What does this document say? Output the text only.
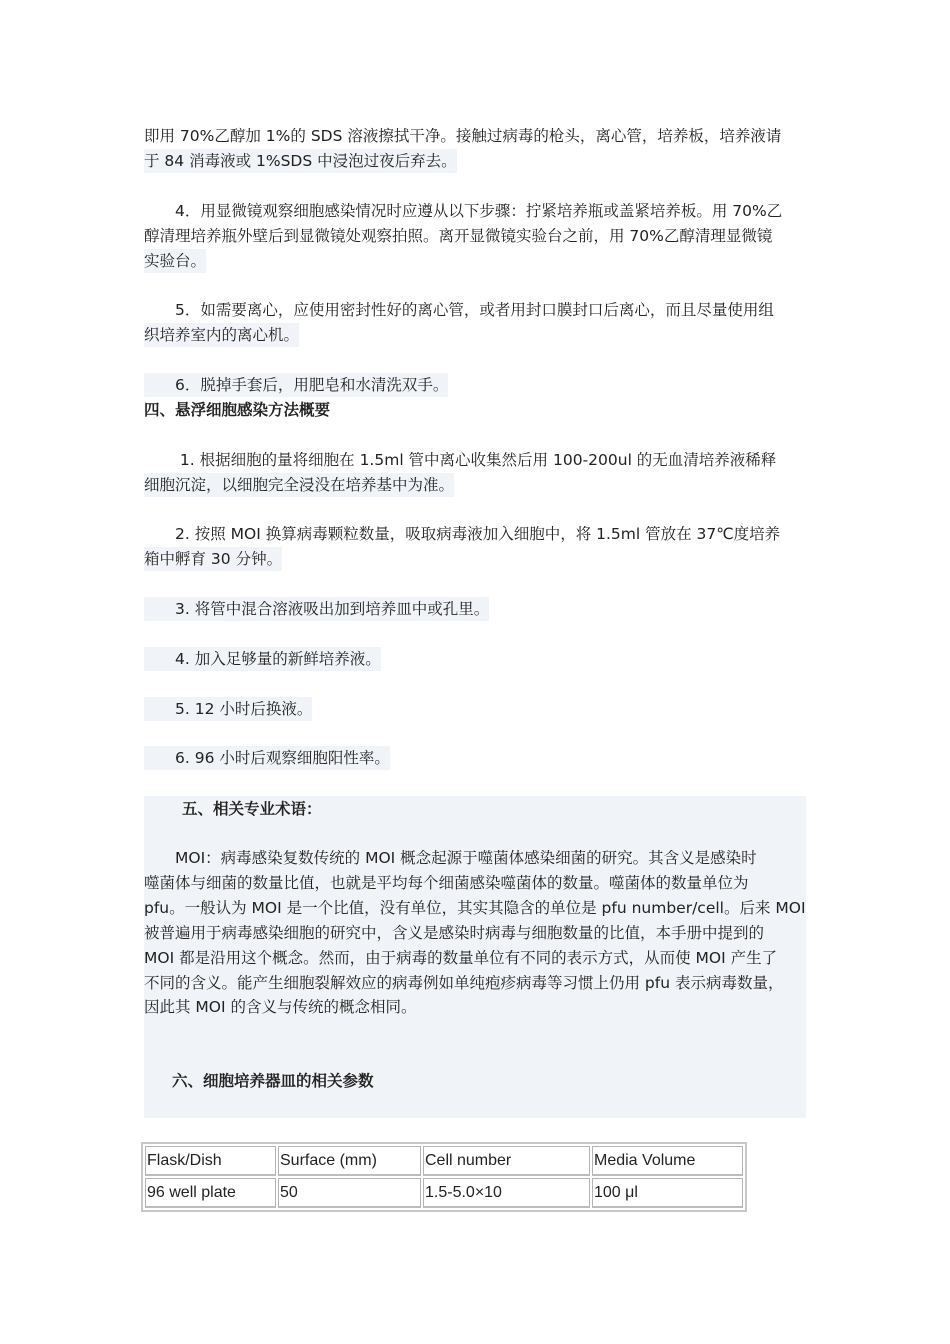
即用 70%乙醇加 1%的 SDS 溶液擦拭干净。接触过病毒的枪头，离心管，培养板，培养液请
于 84 消毒液或 1%SDS 中浸泡过夜后弃去。
　　4．用显微镜观察细胞感染情况时应遵从以下步骤：拧紧培养瓶或盖紧培养板。用 70%乙
醇清理培养瓶外壁后到显微镜处观察拍照。离开显微镜实验台之前，用 70%乙醇清理显微镜
实验台。
　　5．如需要离心，应使用密封性好的离心管，或者用封口膜封口后离心，而且尽量使用组
织培养室内的离心机。
　　6．脱掉手套后，用肥皂和水清洗双手。
四、悬浮细胞感染方法概要
　　 1. 根据细胞的量将细胞在 1.5ml 管中离心收集然后用 100-200ul 的无血清培养液稀释
细胞沉淀，以细胞完全浸没在培养基中为准。
　　2. 按照 MOI 换算病毒颗粒数量，吸取病毒液加入细胞中，将 1.5ml 管放在 37℃度培养
箱中孵育 30 分钟。
　　3. 将管中混合溶液吸出加到培养皿中或孔里。
　　4. 加入足够量的新鲜培养液。
　　5. 12 小时后换液。
　　6. 96 小时后观察细胞阳性率。
五、相关专业术语：
　　MOI：病毒感染复数传统的 MOI 概念起源于噬菌体感染细菌的研究。其含义是感染时
噬菌体与细菌的数量比值，也就是平均每个细菌感染噬菌体的数量。噬菌体的数量单位为
pfu。一般认为 MOI 是一个比值，没有单位，其实其隐含的单位是 pfu number/cell。后来 MOI
被普遍用于病毒感染细胞的研究中，含义是感染时病毒与细胞数量的比值，本手册中提到的
MOI 都是沿用这个概念。然而，由于病毒的数量单位有不同的表示方式，从而使 MOI 产生了
不同的含义。能产生细胞裂解效应的病毒例如单纯疱疹病毒等习惯上仍用 pfu 表示病毒数量，
因此其 MOI 的含义与传统的概念相同。
六、细胞培养器皿的相关参数
Flask/Dish	Surface (mm)	Cell number	Media Volume
96 well plate	50	1.5-5.0×10	100 μl
